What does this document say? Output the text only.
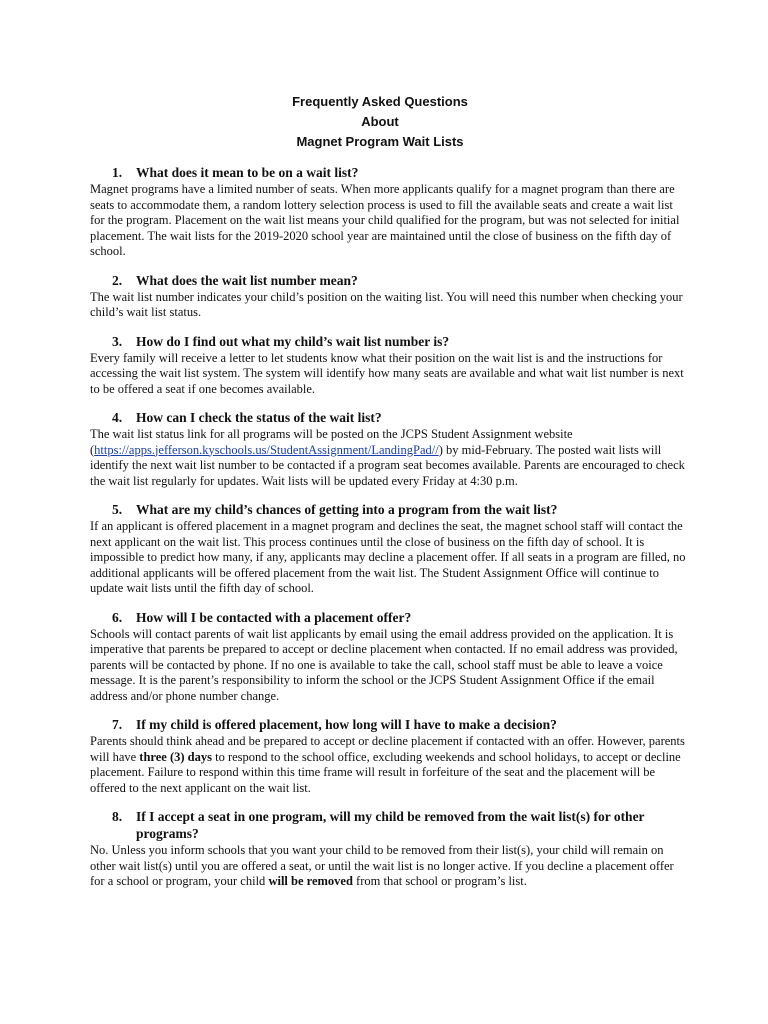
Frequently Asked Questions
About
Magnet Program Wait Lists
1.	What does it mean to be on a wait list?
Magnet programs have a limited number of seats. When more applicants qualify for a magnet program than there are seats to accommodate them, a random lottery selection process is used to fill the available seats and create a wait list for the program. Placement on the wait list means your child qualified for the program, but was not selected for initial placement. The wait lists for the 2019-2020 school year are maintained until the close of business on the fifth day of school.
2.	What does the wait list number mean?
The wait list number indicates your child’s position on the waiting list. You will need this number when checking your child’s wait list status.
3.	How do I find out what my child’s wait list number is?
Every family will receive a letter to let students know what their position on the wait list is and the instructions for accessing the wait list system. The system will identify how many seats are available and what wait list number is next to be offered a seat if one becomes available.
4.	How can I check the status of the wait list?
The wait list status link for all programs will be posted on the JCPS Student Assignment website (https://apps.jefferson.kyschools.us/StudentAssignment/LandingPad//) by mid-February. The posted wait lists will identify the next wait list number to be contacted if a program seat becomes available. Parents are encouraged to check the wait list regularly for updates. Wait lists will be updated every Friday at 4:30 p.m.
5.	What are my child’s chances of getting into a program from the wait list?
If an applicant is offered placement in a magnet program and declines the seat, the magnet school staff will contact the next applicant on the wait list. This process continues until the close of business on the fifth day of school. It is impossible to predict how many, if any, applicants may decline a placement offer. If all seats in a program are filled, no additional applicants will be offered placement from the wait list. The Student Assignment Office will continue to update wait lists until the fifth day of school.
6.	How will I be contacted with a placement offer?
Schools will contact parents of wait list applicants by email using the email address provided on the application. It is imperative that parents be prepared to accept or decline placement when contacted. If no email address was provided, parents will be contacted by phone. If no one is available to take the call, school staff must be able to leave a voice message. It is the parent’s responsibility to inform the school or the JCPS Student Assignment Office if the email address and/or phone number change.
7.	If my child is offered placement, how long will I have to make a decision?
Parents should think ahead and be prepared to accept or decline placement if contacted with an offer. However, parents will have three (3) days to respond to the school office, excluding weekends and school holidays, to accept or decline placement. Failure to respond within this time frame will result in forfeiture of the seat and the placement will be offered to the next applicant on the wait list.
8.	If I accept a seat in one program, will my child be removed from the wait list(s) for other programs?
No. Unless you inform schools that you want your child to be removed from their list(s), your child will remain on other wait list(s) until you are offered a seat, or until the wait list is no longer active. If you decline a placement offer for a school or program, your child will be removed from that school or program’s list.
